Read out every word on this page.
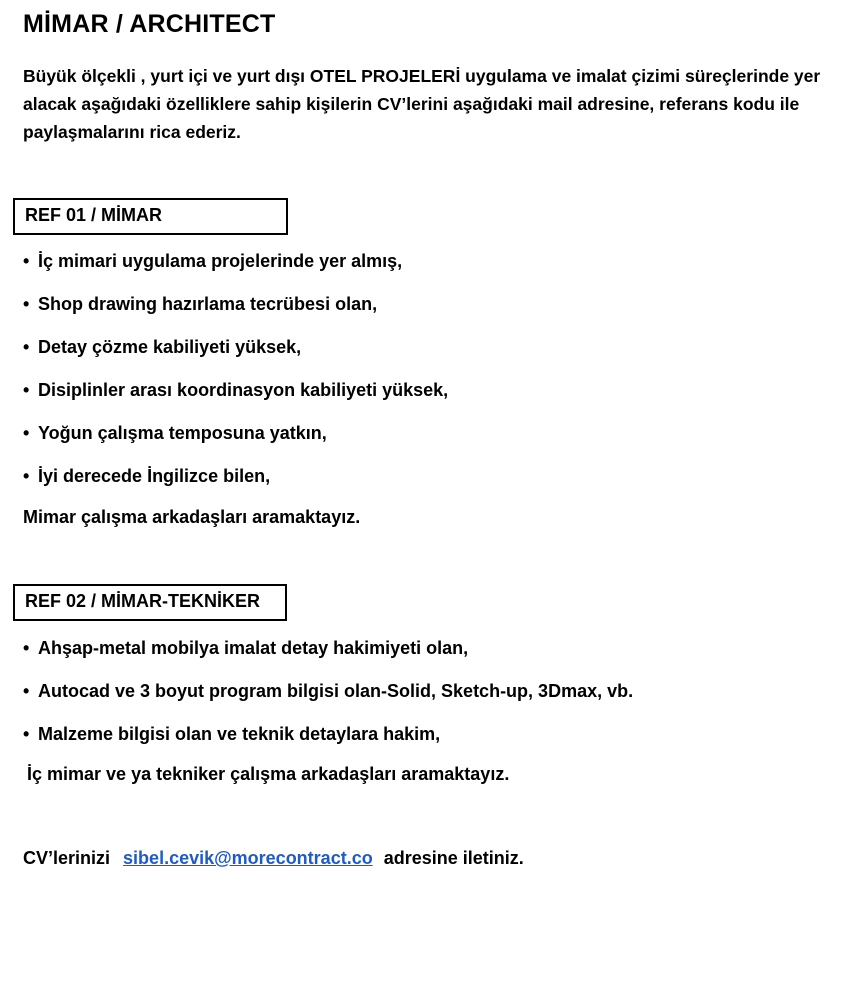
MİMAR / ARCHITECT

Büyük ölçekli , yurt içi ve yurt dışı OTEL PROJELERİ uygulama ve imalat çizimi süreçlerinde yer alacak aşağıdaki özelliklere sahip kişilerin CV’lerini aşağıdaki mail adresine, referans kodu ile paylaşmalarını rica ederiz.

REF 01 / MİMAR
• İç mimari uygulama projelerinde yer almış,
• Shop drawing hazırlama tecrübesi olan,
• Detay çözme kabiliyeti yüksek,
• Disiplinler arası koordinasyon kabiliyeti yüksek,
• Yoğun çalışma temposuna yatkın,
• İyi derecede İngilizce bilen,

Mimar çalışma arkadaşları aramaktayız.

REF 02 / MİMAR-TEKNİKER
• Ahşap-metal mobilya imalat detay hakimiyeti olan,
• Autocad ve 3 boyut program bilgisi olan-Solid, Sketch-up, 3Dmax, vb.
• Malzeme bilgisi olan ve teknik detaylara hakim,

İç mimar ve ya tekniker çalışma arkadaşları aramaktayız.

CV’lerinizi sibel.cevik@morecontract.co adresine iletiniz.
